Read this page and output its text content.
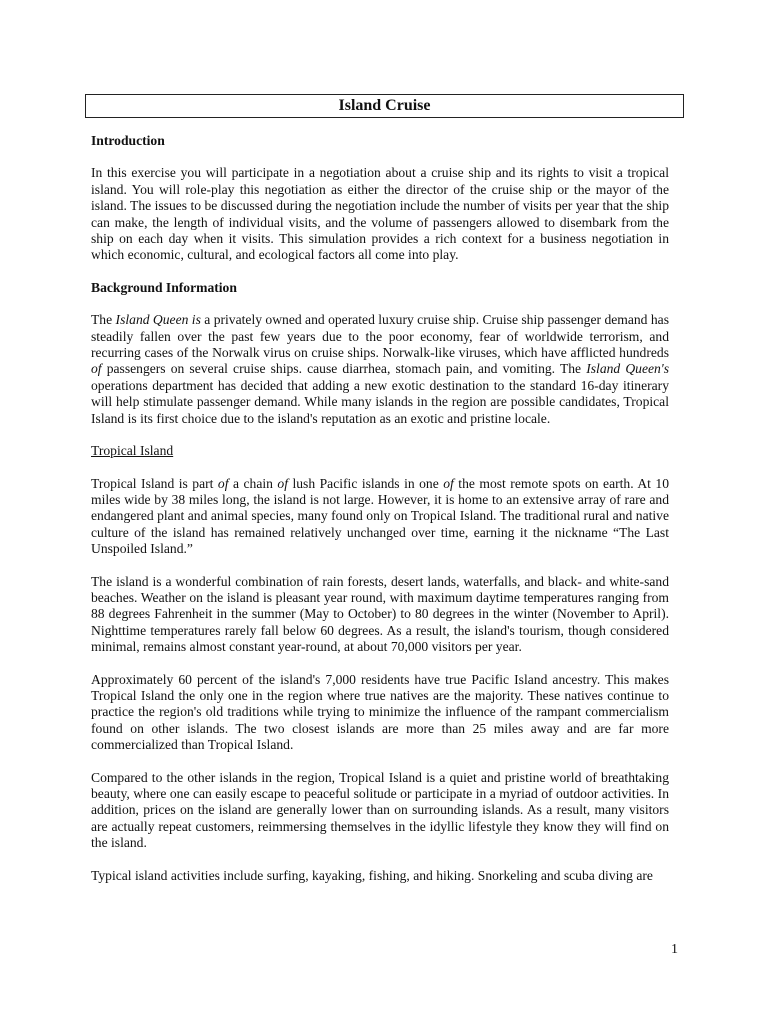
Island Cruise
Introduction

In this exercise you will participate in a negotiation about a cruise ship and its rights to visit a tropical island. You will role-play this negotiation as either the director of the cruise ship or the mayor of the island. The issues to be discussed during the negotiation include the number of visits per year that the ship can make, the length of individual visits, and the volume of passengers allowed to disembark from the ship on each day when it visits. This simulation provides a rich context for a business negotiation in which economic, cultural, and ecological factors all come into play.

Background Information

The Island Queen is a privately owned and operated luxury cruise ship. Cruise ship passenger demand has steadily fallen over the past few years due to the poor economy, fear of worldwide terrorism, and recurring cases of the Norwalk virus on cruise ships. Norwalk-like viruses, which have afflicted hundreds of passengers on several cruise ships. cause diarrhea, stomach pain, and vomiting. The Island Queen's operations department has decided that adding a new exotic destination to the standard 16-day itinerary will help stimulate passenger demand. While many islands in the region are possible candidates, Tropical Island is its first choice due to the island's reputation as an exotic and pristine locale.

Tropical Island

Tropical Island is part of a chain of lush Pacific islands in one of the most remote spots on earth. At 10 miles wide by 38 miles long, the island is not large. However, it is home to an extensive array of rare and endangered plant and animal species, many found only on Tropical Island. The traditional rural and native culture of the island has remained relatively unchanged over time, earning it the nickname “The Last Unspoiled Island.”

The island is a wonderful combination of rain forests, desert lands, waterfalls, and black- and white-sand beaches. Weather on the island is pleasant year round, with maximum daytime temperatures ranging from 88 degrees Fahrenheit in the summer (May to October) to 80 degrees in the winter (November to April). Nighttime temperatures rarely fall below 60 degrees. As a result, the island's tourism, though considered minimal, remains almost constant year-round, at about 70,000 visitors per year.

Approximately 60 percent of the island's 7,000 residents have true Pacific Island ancestry. This makes Tropical Island the only one in the region where true natives are the majority. These natives continue to practice the region's old traditions while trying to minimize the influence of the rampant commercialism found on other islands. The two closest islands are more than 25 miles away and are far more commercialized than Tropical Island.

Compared to the other islands in the region, Tropical Island is a quiet and pristine world of breathtaking beauty, where one can easily escape to peaceful solitude or participate in a myriad of outdoor activities. In addition, prices on the island are generally lower than on surrounding islands. As a result, many visitors are actually repeat customers, reimmersing themselves in the idyllic lifestyle they know they will find on the island.

Typical island activities include surfing, kayaking, fishing, and hiking. Snorkeling and scuba diving are

1
